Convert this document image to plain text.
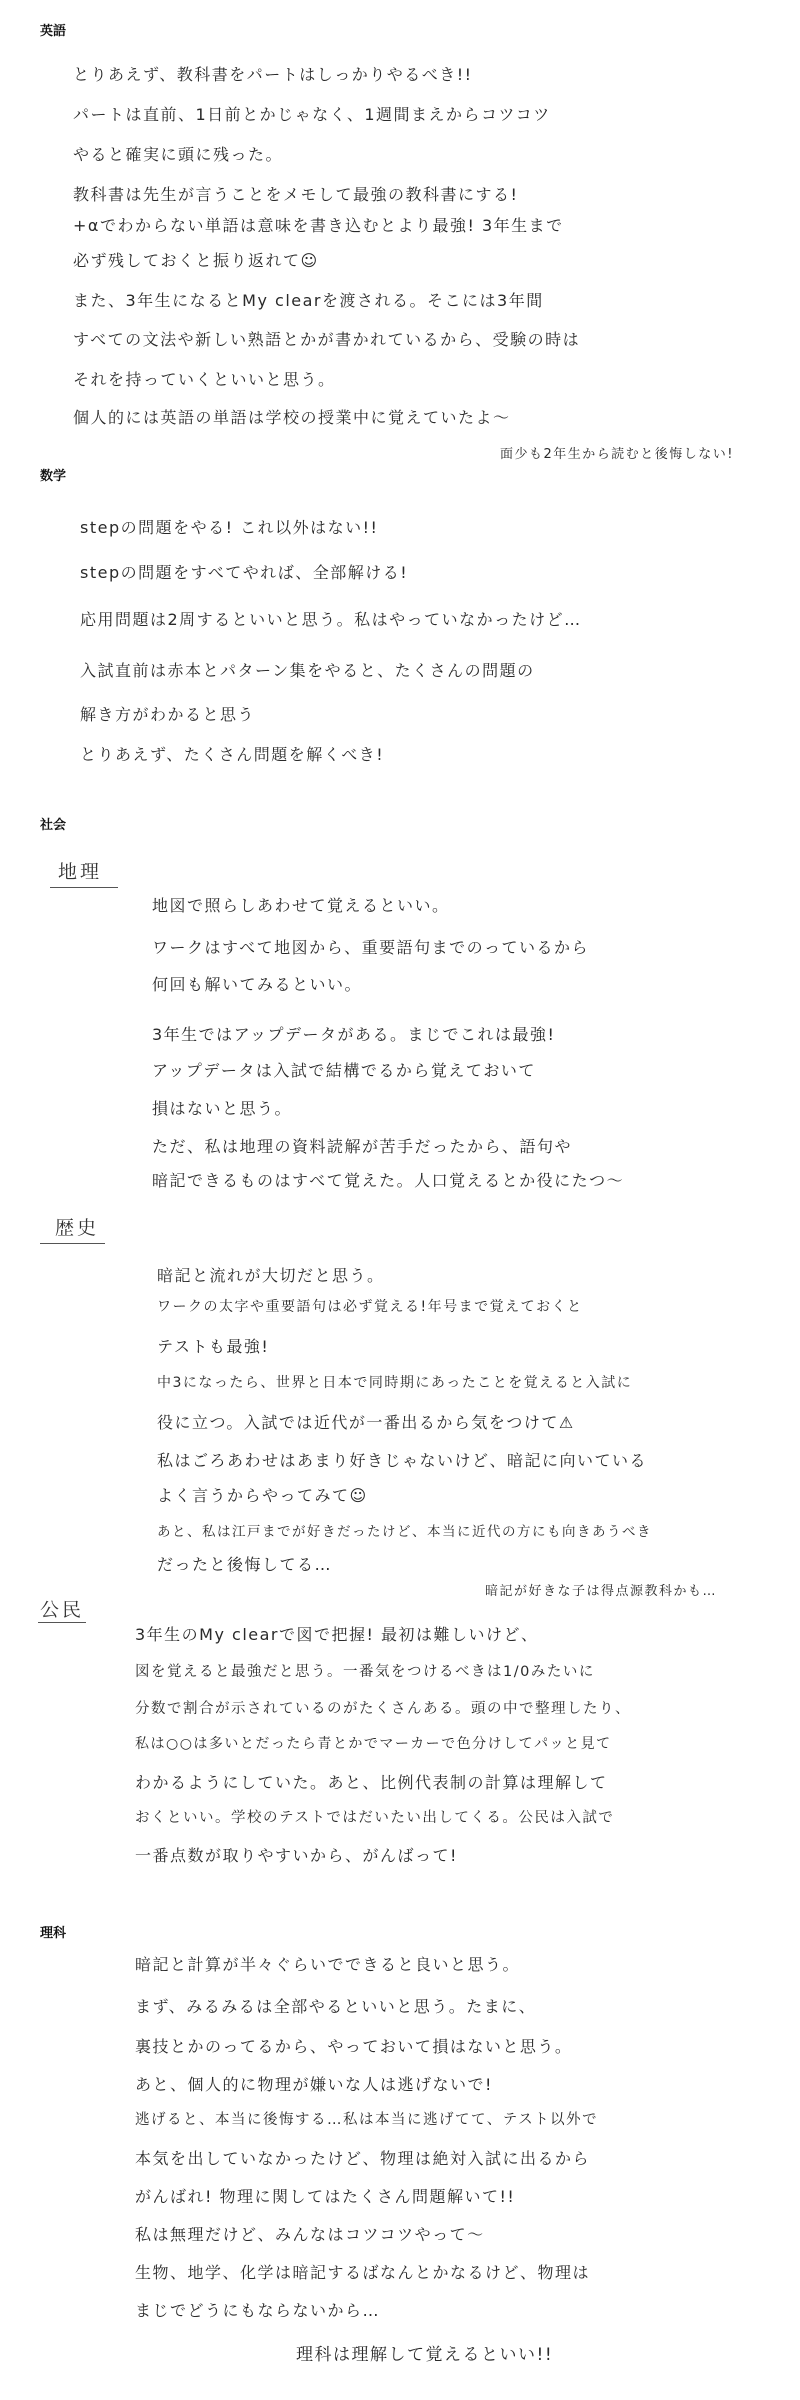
英語
とりあえず、教科書をパートはしっかりやるべき!!
パートは直前、1日前とかじゃなく、1週間まえからコツコツ
やると確実に頭に残った。
教科書は先生が言うことをメモして最強の教科書にする!
+αでわからない単語は意味を書き込むとより最強! 3年生まで
必ず残しておくと振り返れて☺
また、3年生になるとMy clearを渡される。そこには3年間
すべての文法や新しい熟語とかが書かれているから、受験の時は
それを持っていくといいと思う。
個人的には英語の単語は学校の授業中に覚えていたよ〜
面少も2年生から読むと後悔しない!
数学
stepの問題をやる! これ以外はない!!
stepの問題をすべてやれば、全部解ける!
応用問題は2周するといいと思う。私はやっていなかったけど…
入試直前は赤本とパターン集をやると、たくさんの問題の
解き方がわかると思う
とりあえず、たくさん問題を解くべき!
社会
地理
地図で照らしあわせて覚えるといい。
ワークはすべて地図から、重要語句までのっているから
何回も解いてみるといい。
3年生ではアップデータがある。まじでこれは最強!
アップデータは入試で結構でるから覚えておいて
損はないと思う。
ただ、私は地理の資料読解が苦手だったから、語句や
暗記できるものはすべて覚えた。人口覚えるとか役にたつ〜
歴史
暗記と流れが大切だと思う。
ワークの太字や重要語句は必ず覚える!年号まで覚えておくと
テストも最強!
中3になったら、世界と日本で同時期にあったことを覚えると入試に
役に立つ。入試では近代が一番出るから気をつけて⚠
私はごろあわせはあまり好きじゃないけど、暗記に向いている
よく言うからやってみて☺
あと、私は江戸までが好きだったけど、本当に近代の方にも向きあうべき
だったと後悔してる…
暗記が好きな子は得点源教科かも…
公民
3年生のMy clearで図で把握! 最初は難しいけど、
図を覚えると最強だと思う。一番気をつけるべきは1/0みたいに
分数で割合が示されているのがたくさんある。頭の中で整理したり、
私は○○は多いとだったら青とかでマーカーで色分けしてパッと見て
わかるようにしていた。あと、比例代表制の計算は理解して
おくといい。学校のテストではだいたい出してくる。公民は入試で
一番点数が取りやすいから、がんばって!
理科
暗記と計算が半々ぐらいでできると良いと思う。
まず、みるみるは全部やるといいと思う。たまに、
裏技とかのってるから、やっておいて損はないと思う。
あと、個人的に物理が嫌いな人は逃げないで!
逃げると、本当に後悔する…私は本当に逃げてて、テスト以外で
本気を出していなかったけど、物理は絶対入試に出るから
がんばれ! 物理に関してはたくさん問題解いて!!
私は無理だけど、みんなはコツコツやって〜
生物、地学、化学は暗記するばなんとかなるけど、物理は
まじでどうにもならないから…
理科は理解して覚えるといい!!
